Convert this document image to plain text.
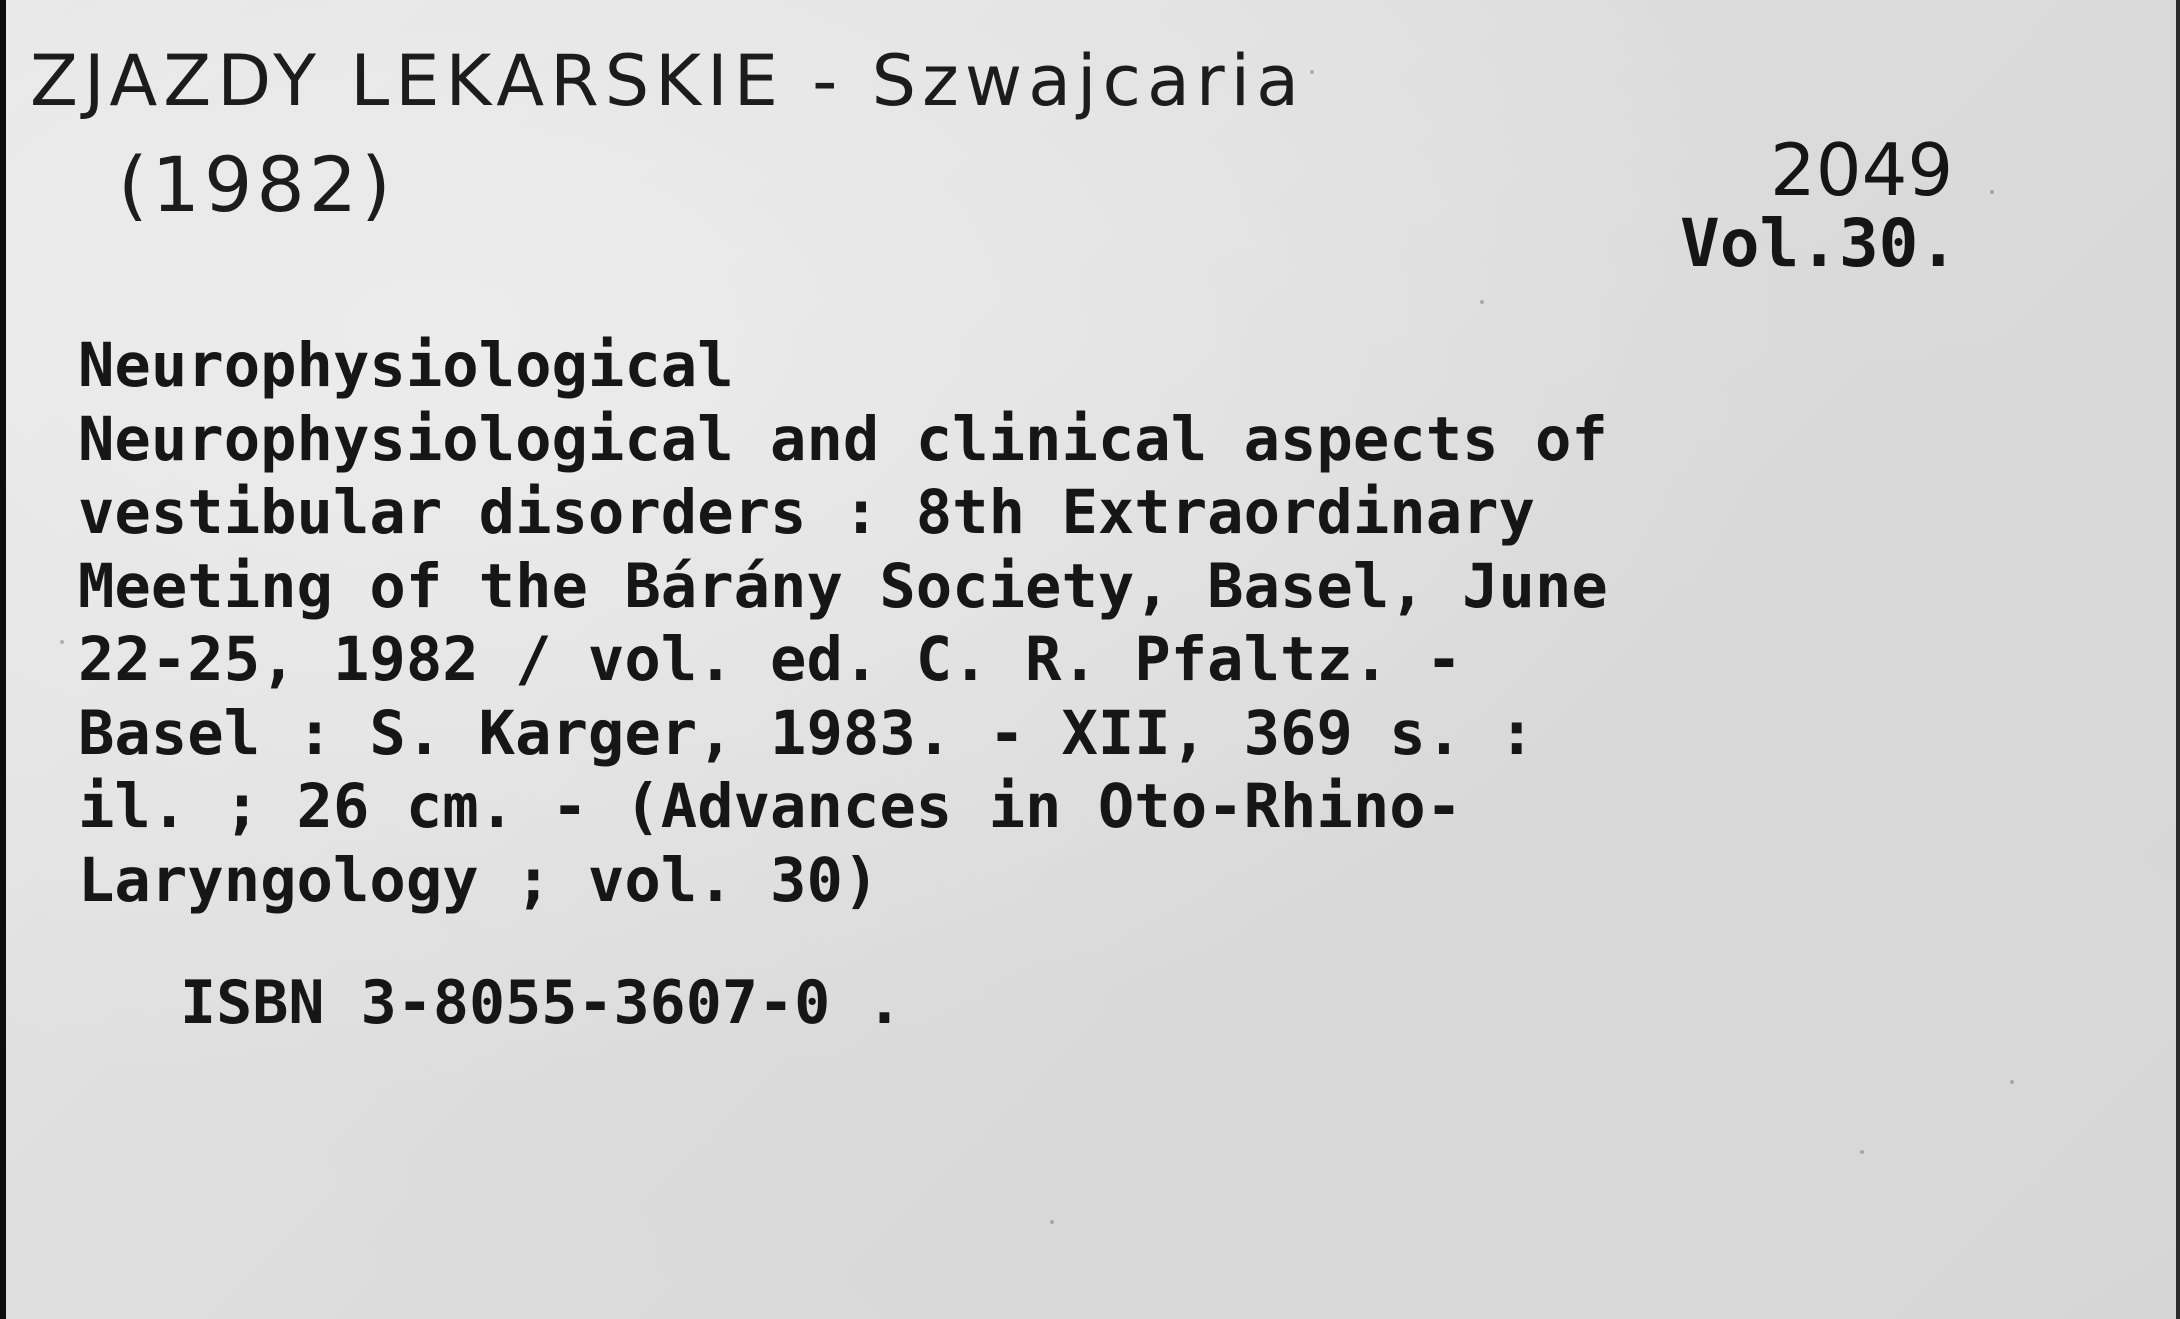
ZJAZDY LEKARSKIE - Szwajcaria
(1982)	2049
Vol.30.
Neurophysiological
Neurophysiological and clinical aspects of
vestibular disorders : 8th Extraordinary
Meeting of the Bárány Society, Basel, June
22-25, 1982 / vol. ed. C. R. Pfaltz. -
Basel : S. Karger, 1983. - XII, 369 s. :
il. ; 26 cm. - (Advances in Oto-Rhino-
Laryngology ; vol. 30)
ISBN 3-8055-3607-0 .
